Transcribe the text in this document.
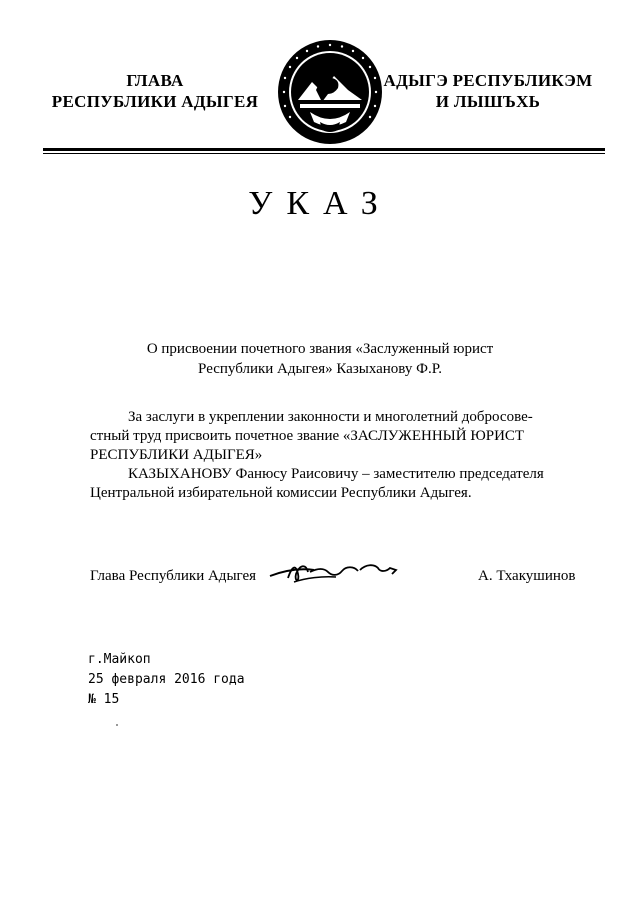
ГЛАВА
РЕСПУБЛИКИ АДЫГЕЯ
АДЫГЭ РЕСПУБЛИКЭМ
И ЛЫШЪХЬ
УКАЗ
О присвоении почетного звания «Заслуженный юрист
Республики Адыгея» Казыханову Ф.Р.

За заслуги в укреплении законности и многолетний добросове-

стный труд присвоить почетное звание «ЗАСЛУЖЕННЫЙ ЮРИСТ

РЕСПУБЛИКИ АДЫГЕЯ»

КАЗЫХАНОВУ Фанюсу Раисовичу – заместителю председателя

Центральной избирательной комиссии Республики Адыгея.

Глава Республики Адыгея	А. Тхакушинов
г.Майкоп
25 февраля 2016 года
№ 15
